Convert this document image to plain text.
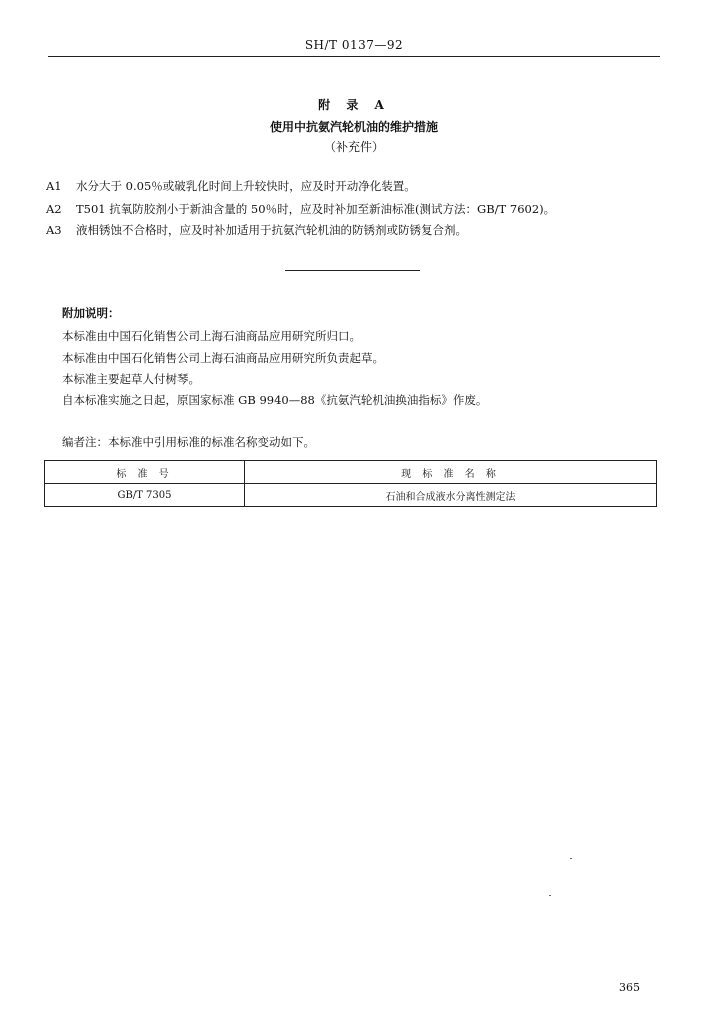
SH/T 0137—92
附 录 A
使用中抗氨汽轮机油的维护措施
（补充件）
A1 水分大于 0.05％或破乳化时间上升较快时，应及时开动净化装置。
A2 T501 抗氧防胶剂小于新油含量的 50％时，应及时补加至新油标准(测试方法：GB/T 7602)。
A3 液相锈蚀不合格时，应及时补加适用于抗氨汽轮机油的防锈剂或防锈复合剂。
附加说明：
本标准由中国石化销售公司上海石油商品应用研究所归口。
本标准由中国石化销售公司上海石油商品应用研究所负责起草。
本标准主要起草人付树琴。
自本标准实施之日起，原国家标准 GB 9940—88《抗氨汽轮机油换油指标》作废。
编者注：本标准中引用标准的标准名称变动如下。
标 准 号	现 标 准 名 称
GB/T 7305	石油和合成液水分离性测定法
365
